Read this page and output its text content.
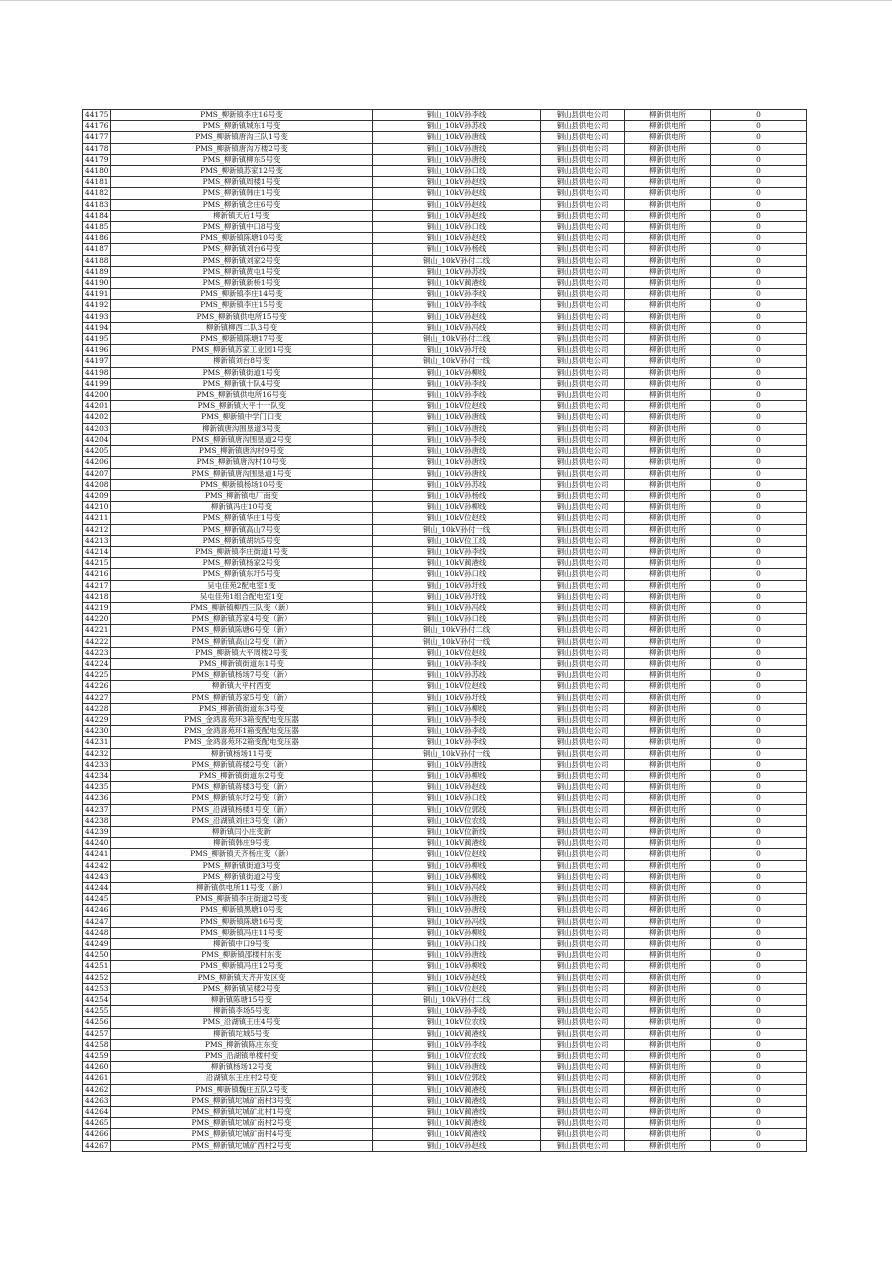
44175	PMS_柳新镇李庄16号变	铜山_10kV孙李线	铜山县供电公司	柳新供电所	0
44176	PMS_柳新镇城东1号变	铜山_10kV孙苏线	铜山县供电公司	柳新供电所	0
44177	PMS_柳新镇唐沟三队1号变	铜山_10kV孙唐线	铜山县供电公司	柳新供电所	0
44178	PMS_柳新镇唐沟万楼2号变	铜山_10kV孙唐线	铜山县供电公司	柳新供电所	0
44179	PMS_柳新镇柳东5号变	铜山_10kV孙唐线	铜山县供电公司	柳新供电所	0
44180	PMS_柳新镇苏家12号变	铜山_10kV孙口线	铜山县供电公司	柳新供电所	0
44181	PMS_柳新镇周楼1号变	铜山_10kV孙赵线	铜山县供电公司	柳新供电所	0
44182	PMS_柳新镇韩庄1号变	铜山_10kV孙赵线	铜山县供电公司	柳新供电所	0
44183	PMS_柳新镇念庄6号变	铜山_10kV孙赵线	铜山县供电公司	柳新供电所	0
44184	柳新镇天后1号变	铜山_10kV孙赵线	铜山县供电公司	柳新供电所	0
44185	PMS_柳新镇中口8号变	铜山_10kV孙口线	铜山县供电公司	柳新供电所	0
44186	PMS_柳新镇陈塘10号变	铜山_10kV孙赵线	铜山县供电公司	柳新供电所	0
44187	PMS_柳新镇刘台6号变	铜山_10kV孙杨线	铜山县供电公司	柳新供电所	0
44188	PMS_柳新镇刘家2号变	铜山_10kV孙付二线	铜山县供电公司	柳新供电所	0
44189	PMS_柳新镇黄屯1号变	铜山_10kV孙苏线	铜山县供电公司	柳新供电所	0
44190	PMS_柳新镇新桥1号变	铜山_10kV蔺港线	铜山县供电公司	柳新供电所	0
44191	PMS_柳新镇李庄14号变	铜山_10kV孙李线	铜山县供电公司	柳新供电所	0
44192	PMS_柳新镇李庄15号变	铜山_10kV孙李线	铜山县供电公司	柳新供电所	0
44193	PMS_柳新镇供电所15号变	铜山_10kV孙赵线	铜山县供电公司	柳新供电所	0
44194	柳新镇柳西二队3号变	铜山_10kV孙冯线	铜山县供电公司	柳新供电所	0
44195	PMS_柳新镇陈塘17号变	铜山_10kV孙付二线	铜山县供电公司	柳新供电所	0
44196	PMS_柳新镇苏家工业园1号变	铜山_10kV孙圩线	铜山县供电公司	柳新供电所	0
44197	柳新镇刘台8号变	铜山_10kV孙付一线	铜山县供电公司	柳新供电所	0
44198	PMS_柳新镇街道1号变	铜山_10kV孙柳线	铜山县供电公司	柳新供电所	0
44199	PMS_柳新镇十队4号变	铜山_10kV孙李线	铜山县供电公司	柳新供电所	0
44200	PMS_柳新镇供电所16号变	铜山_10kV孙李线	铜山县供电公司	柳新供电所	0
44201	PMS_柳新镇大平十一队变	铜山_10kV位赵线	铜山县供电公司	柳新供电所	0
44202	PMS_柳新镇中学门口变	铜山_10kV孙唐线	铜山县供电公司	柳新供电所	0
44203	柳新镇唐沟围垦道3号变	铜山_10kV孙唐线	铜山县供电公司	柳新供电所	0
44204	PMS_柳新镇唐沟围垦道2号变	铜山_10kV孙李线	铜山县供电公司	柳新供电所	0
44205	PMS_柳新镇唐沟村9号变	铜山_10kV孙唐线	铜山县供电公司	柳新供电所	0
44206	PMS_柳新镇唐沟村10号变	铜山_10kV孙唐线	铜山县供电公司	柳新供电所	0
44207	PMS_柳新镇唐沟围垦道1号变	铜山_10kV孙唐线	铜山县供电公司	柳新供电所	0
44208	PMS_柳新镇杨场10号变	铜山_10kV孙苏线	铜山县供电公司	柳新供电所	0
44209	PMS_柳新镇电厂南变	铜山_10kV孙杨线	铜山县供电公司	柳新供电所	0
44210	柳新镇冯庄10号变	铜山_10kV孙柳线	铜山县供电公司	柳新供电所	0
44211	PMS_柳新镇华庄1号变	铜山_10kV位赵线	铜山县供电公司	柳新供电所	0
44212	PMS_柳新镇高山7号变	铜山_10kV孙付一线	铜山县供电公司	柳新供电所	0
44213	PMS_柳新镇胡坑5号变	铜山_10kV位工线	铜山县供电公司	柳新供电所	0
44214	PMS_柳新镇李庄街道1号变	铜山_10kV孙李线	铜山县供电公司	柳新供电所	0
44215	PMS_柳新镇杨家2号变	铜山_10kV蔺港线	铜山县供电公司	柳新供电所	0
44216	PMS_柳新镇东圩5号变	铜山_10kV孙口线	铜山县供电公司	柳新供电所	0
44217	吴屯佳苑2配电室1变	铜山_10kV孙圩线	铜山县供电公司	柳新供电所	0
44218	吴屯佳苑1组合配电室1变	铜山_10kV孙圩线	铜山县供电公司	柳新供电所	0
44219	PMS_柳新镇柳西三队变（新）	铜山_10kV孙冯线	铜山县供电公司	柳新供电所	0
44220	PMS_柳新镇苏家4号变（新）	铜山_10kV孙口线	铜山县供电公司	柳新供电所	0
44221	PMS_柳新镇陈塘6号变（新）	铜山_10kV孙付二线	铜山县供电公司	柳新供电所	0
44222	PMS_柳新镇高山2号变（新）	铜山_10kV孙付一线	铜山县供电公司	柳新供电所	0
44223	PMS_柳新镇大平周楼2号变	铜山_10kV位赵线	铜山县供电公司	柳新供电所	0
44224	PMS_柳新镇街道东1号变	铜山_10kV孙李线	铜山县供电公司	柳新供电所	0
44225	PMS_柳新镇杨场7号变（新）	铜山_10kV孙苏线	铜山县供电公司	柳新供电所	0
44226	柳新镇大平村西变	铜山_10kV位赵线	铜山县供电公司	柳新供电所	0
44227	PMS_柳新镇苏家5号变（新）	铜山_10kV孙圩线	铜山县供电公司	柳新供电所	0
44228	PMS_柳新镇街道东3号变	铜山_10kV孙柳线	铜山县供电公司	柳新供电所	0
44229	PMS_金鸿喜苑环3箱变配电变压器	铜山_10kV孙李线	铜山县供电公司	柳新供电所	0
44230	PMS_金鸿喜苑环1箱变配电变压器	铜山_10kV孙李线	铜山县供电公司	柳新供电所	0
44231	PMS_金鸿喜苑环2箱变配电变压器	铜山_10kV孙李线	铜山县供电公司	柳新供电所	0
44232	柳新镇杨场11号变	铜山_10kV孙付一线	铜山县供电公司	柳新供电所	0
44233	PMS_柳新镇蒋楼2号变（新）	铜山_10kV孙唐线	铜山县供电公司	柳新供电所	0
44234	PMS_柳新镇街道东2号变	铜山_10kV孙柳线	铜山县供电公司	柳新供电所	0
44235	PMS_柳新镇蒋楼3号变（新）	铜山_10kV孙赵线	铜山县供电公司	柳新供电所	0
44236	PMS_柳新镇东圩2号变（新）	铜山_10kV孙口线	铜山县供电公司	柳新供电所	0
44237	PMS_沿湖镇杨楼1号变（新）	铜山_10kV位郭线	铜山县供电公司	柳新供电所	0
44238	PMS_沿湖镇刘庄3号变（新）	铜山_10kV位农线	铜山县供电公司	柳新供电所	0
44239	柳新镇闫小庄变新	铜山_10kV位新线	铜山县供电公司	柳新供电所	0
44240	柳新镇韩庄9号变	铜山_10kV蔺港线	铜山县供电公司	柳新供电所	0
44241	PMS_柳新镇天齐杨庄变（新）	铜山_10kV位赵线	铜山县供电公司	柳新供电所	0
44242	PMS_柳新镇街道3号变	铜山_10kV孙柳线	铜山县供电公司	柳新供电所	0
44243	PMS_柳新镇街道2号变	铜山_10kV孙柳线	铜山县供电公司	柳新供电所	0
44244	柳新镇供电所11号变（新）	铜山_10kV孙冯线	铜山县供电公司	柳新供电所	0
44245	PMS_柳新镇李庄街道2号变	铜山_10kV孙唐线	铜山县供电公司	柳新供电所	0
44246	PMS_柳新镇黑塘10号变	铜山_10kV孙唐线	铜山县供电公司	柳新供电所	0
44247	PMS_柳新镇陈塘16号变	铜山_10kV孙冯线	铜山县供电公司	柳新供电所	0
44248	PMS_柳新镇冯庄11号变	铜山_10kV孙柳线	铜山县供电公司	柳新供电所	0
44249	柳新镇中口9号变	铜山_10kV孙口线	铜山县供电公司	柳新供电所	0
44250	PMS_柳新镇邵楼村东变	铜山_10kV孙唐线	铜山县供电公司	柳新供电所	0
44251	PMS_柳新镇冯庄12号变	铜山_10kV孙柳线	铜山县供电公司	柳新供电所	0
44252	PMS_柳新镇天齐开发区变	铜山_10kV孙赵线	铜山县供电公司	柳新供电所	0
44253	PMS_柳新镇吴楼2号变	铜山_10kV位赵线	铜山县供电公司	柳新供电所	0
44254	柳新镇陈塘15号变	铜山_10kV孙付二线	铜山县供电公司	柳新供电所	0
44255	柳新镇李场5号变	铜山_10kV孙李线	铜山县供电公司	柳新供电所	0
44256	PMS_沿湖镇王庄4号变	铜山_10kV位农线	铜山县供电公司	柳新供电所	0
44257	柳新镇坨城5号变	铜山_10kV蔺港线	铜山县供电公司	柳新供电所	0
44258	PMS_柳新镇陈庄东变	铜山_10kV孙李线	铜山县供电公司	柳新供电所	0
44259	PMS_沿湖镇单楼村变	铜山_10kV位农线	铜山县供电公司	柳新供电所	0
44260	柳新镇杨场12号变	铜山_10kV孙唐线	铜山县供电公司	柳新供电所	0
44261	沿湖镇东王庄村2号变	铜山_10kV位郭线	铜山县供电公司	柳新供电所	0
44262	PMS_柳新镇魏庄五队2号变	铜山_10kV蔺港线	铜山县供电公司	柳新供电所	0
44263	PMS_柳新镇坨城矿南村3号变	铜山_10kV蔺港线	铜山县供电公司	柳新供电所	0
44264	PMS_柳新镇坨城矿北村1号变	铜山_10kV蔺港线	铜山县供电公司	柳新供电所	0
44265	PMS_柳新镇坨城矿南村2号变	铜山_10kV蔺港线	铜山县供电公司	柳新供电所	0
44266	PMS_柳新镇坨城矿南村4号变	铜山_10kV蔺港线	铜山县供电公司	柳新供电所	0
44267	PMS_柳新镇坨城矿西村2号变	铜山_10kV孙赵线	铜山县供电公司	柳新供电所	0
